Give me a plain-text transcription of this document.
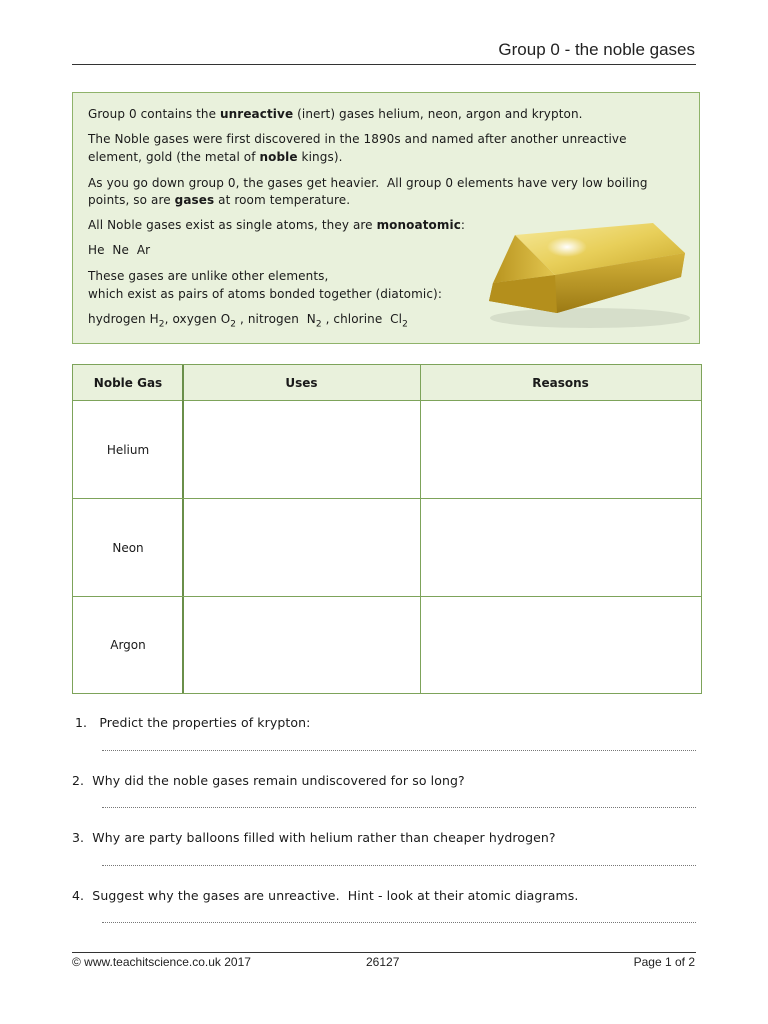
Group 0 - the noble gases
Group 0 contains the unreactive (inert) gases helium, neon, argon and krypton.
The Noble gases were first discovered in the 1890s and named after another unreactive
element, gold (the metal of noble kings).
As you go down group 0, the gases get heavier.  All group 0 elements have very low boiling
points, so are gases at room temperature.
All Noble gases exist as single atoms, they are monoatomic:
He  Ne  Ar
These gases are unlike other elements,
which exist as pairs of atoms bonded together (diatomic):
hydrogen $H_2$, oxygen $O_2$ , nitrogen  $N_2$ , chlorine  $Cl_2$
Noble Gas	Uses	Reasons
Helium
Neon
Argon
1. Predict the properties of krypton:
2. Why did the noble gases remain undiscovered for so long?
3. Why are party balloons filled with helium rather than cheaper hydrogen?
4. Suggest why the gases are unreactive.  Hint - look at their atomic diagrams.
© www.teachitscience.co.uk 2017	26127	Page 1 of 2
